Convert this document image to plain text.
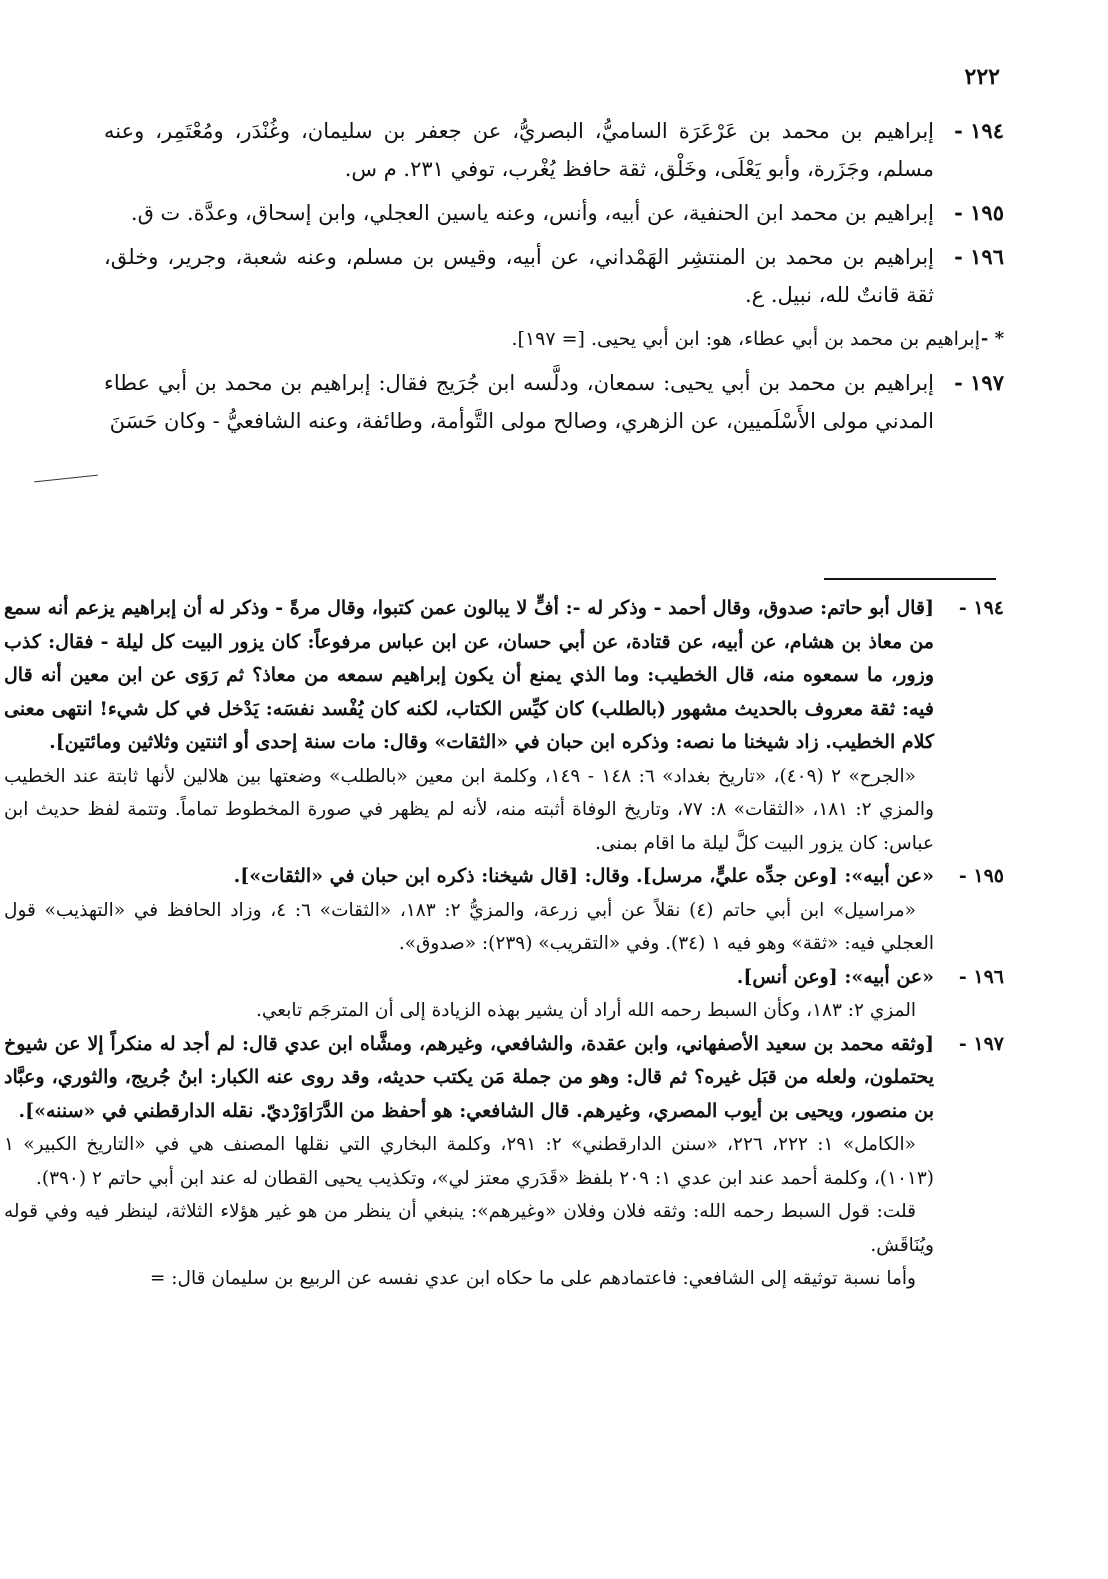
٢٢٢
١٩٤ -
إبراهيم بن محمد بن عَرْعَرَة الساميُّ، البصريُّ، عن جعفر بن سليمان، وغُنْدَر، ومُعْتَمِر، وعنه مسلم، وجَزَرة، وأبو يَعْلَى، وخَلْق، ثقة حافظ يُغْرب، توفي ٢٣١. م س.
١٩٥ -
إبراهيم بن محمد ابن الحنفية، عن أبيه، وأنس، وعنه ياسين العجلي، وابن إسحاق، وعدَّة. ت ق.
١٩٦ -
إبراهيم بن محمد بن المنتشِر الهَمْداني، عن أبيه، وقيس بن مسلم، وعنه شعبة، وجرير، وخلق، ثقة قانتٌ لله، نبيل. ع.
* -
إبراهيم بن محمد بن أبي عطاء، هو: ابن أبي يحيى. [= ١٩٧].
١٩٧ -
إبراهيم بن محمد بن أبي يحيى: سمعان، ودلَّسه ابن جُرَيج فقال: إبراهيم بن محمد بن أبي عطاء المدني مولى الأَسْلَميين، عن الزهري، وصالح مولى التَّوأمة، وطائفة، وعنه الشافعيُّ - وكان حَسَنَ
١٩٤ -
[قال أبو حاتم: صدوق، وقال أحمد - وذكر له -: أفٍّ لا يبالون عمن كتبوا، وقال مرةً - وذكر له أن إبراهيم يزعم أنه سمع من معاذ بن هشام، عن أبيه، عن قتادة، عن أبي حسان، عن ابن عباس مرفوعاً: كان يزور البيت كل ليلة - فقال: كذب وزور، ما سمعوه منه، قال الخطيب: وما الذي يمنع أن يكون إبراهيم سمعه من معاذ؟ ثم رَوَى عن ابن معين أنه قال فيه: ثقة معروف بالحديث مشهور (بالطلب) كان كيِّس الكتاب، لكنه كان يُفْسد نفسَه: يَدْخل في كل شيء! انتهى معنى كلام الخطيب. زاد شيخنا ما نصه: وذكره ابن حبان في «الثقات» وقال: مات سنة إحدى أو اثنتين وثلاثين ومائتين].
«الجرح» ٢ (٤٠٩)، «تاريخ بغداد» ٦: ١٤٨ - ١٤٩، وكلمة ابن معين «بالطلب» وضعتها بين هلالين لأنها ثابتة عند الخطيب والمزي ٢: ١٨١، «الثقات» ٨: ٧٧، وتاريخ الوفاة أثبته منه، لأنه لم يظهر في صورة المخطوط تماماً. وتتمة لفظ حديث ابن عباس: كان يزور البيت كلَّ ليلة ما اقام بمنى.
١٩٥ -
«عن أبيه»: [وعن جدِّه عليٍّ، مرسل]. وقال: [قال شيخنا: ذكره ابن حبان في «الثقات»].
«مراسيل» ابن أبي حاتم (٤) نقلاً عن أبي زرعة، والمزيُّ ٢: ١٨٣، «الثقات» ٦: ٤، وزاد الحافظ في «التهذيب» قول العجلي فيه: «ثقة» وهو فيه ١ (٣٤). وفي «التقريب» (٢٣٩): «صدوق».
١٩٦ -
«عن أبيه»: [وعن أنس].
المزي ٢: ١٨٣، وكأن السبط رحمه الله أراد أن يشير بهذه الزيادة إلى أن المترجَم تابعي.
١٩٧ -
[وثقه محمد بن سعيد الأصفهاني، وابن عقدة، والشافعي، وغيرهم، ومشَّاه ابن عدي قال: لم أجد له منكراً إلا عن شيوخ يحتملون، ولعله من قبَل غيره؟ ثم قال: وهو من جملة مَن يكتب حديثه، وقد روى عنه الكبار: ابنُ جُريج، والثوري، وعبَّاد بن منصور، ويحيى بن أيوب المصري، وغيرهم. قال الشافعي: هو أحفظ من الدَّرَاوَرْديّ. نقله الدارقطني في «سننه»].
«الكامل» ١: ٢٢٢، ٢٢٦، «سنن الدارقطني» ٢: ٢٩١، وكلمة البخاري التي نقلها المصنف هي في «التاريخ الكبير» ١ (١٠١٣)، وكلمة أحمد عند ابن عدي ١: ٢٠٩ بلفظ «قَدَري معتز لي»، وتكذيب يحيى القطان له عند ابن أبي حاتم ٢ (٣٩٠).
قلت: قول السبط رحمه الله: وثقه فلان وفلان «وغيرهم»: ينبغي أن ينظر من هو غير هؤلاء الثلاثة، لينظر فيه وفي قوله ويُنَاقَش.
وأما نسبة توثيقه إلى الشافعي: فاعتمادهم على ما حكاه ابن عدي نفسه عن الربيع بن سليمان قال: =
